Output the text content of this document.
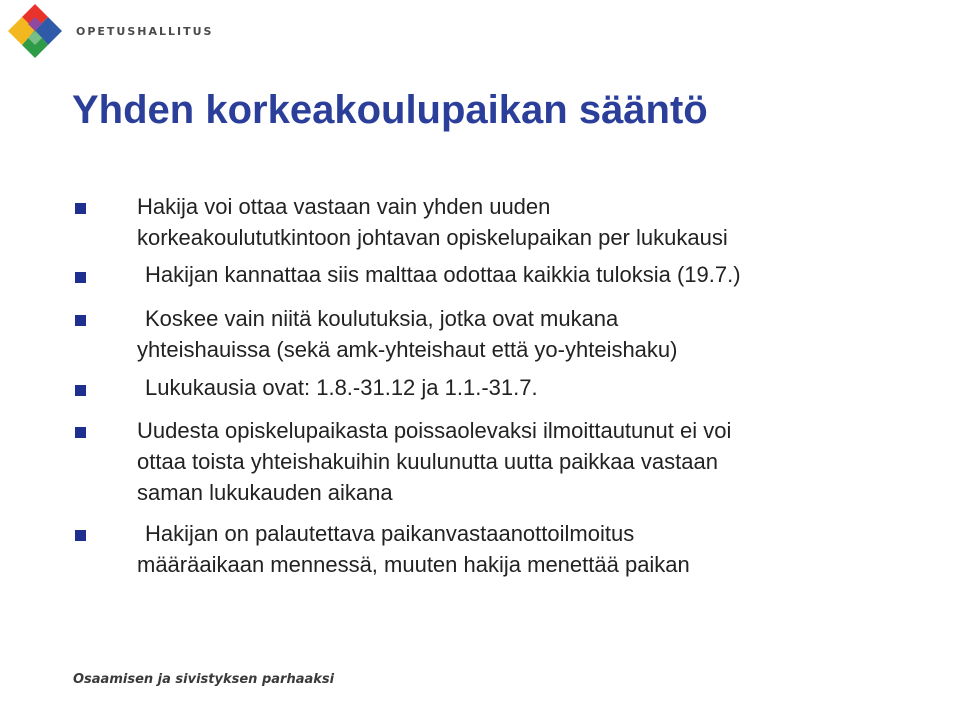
OPETUSHALLITUS
Yhden korkeakoulupaikan sääntö
Hakija voi ottaa vastaan vain yhden uuden
korkeakoulututkintoon johtavan opiskelupaikan per lukukausi
Hakijan kannattaa siis malttaa odottaa kaikkia tuloksia (19.7.)
Koskee vain niitä koulutuksia, jotka ovat mukana
yhteishauissa (sekä amk-yhteishaut että yo-yhteishaku)
Lukukausia ovat: 1.8.-31.12 ja 1.1.-31.7.
Uudesta opiskelupaikasta poissaolevaksi ilmoittautunut ei voi
ottaa toista yhteishakuihin kuulunutta uutta paikkaa vastaan
saman lukukauden aikana
Hakijan on palautettava paikanvastaanottoilmoitus
määräaikaan mennessä, muuten hakija menettää paikan
Osaamisen ja sivistyksen parhaaksi
